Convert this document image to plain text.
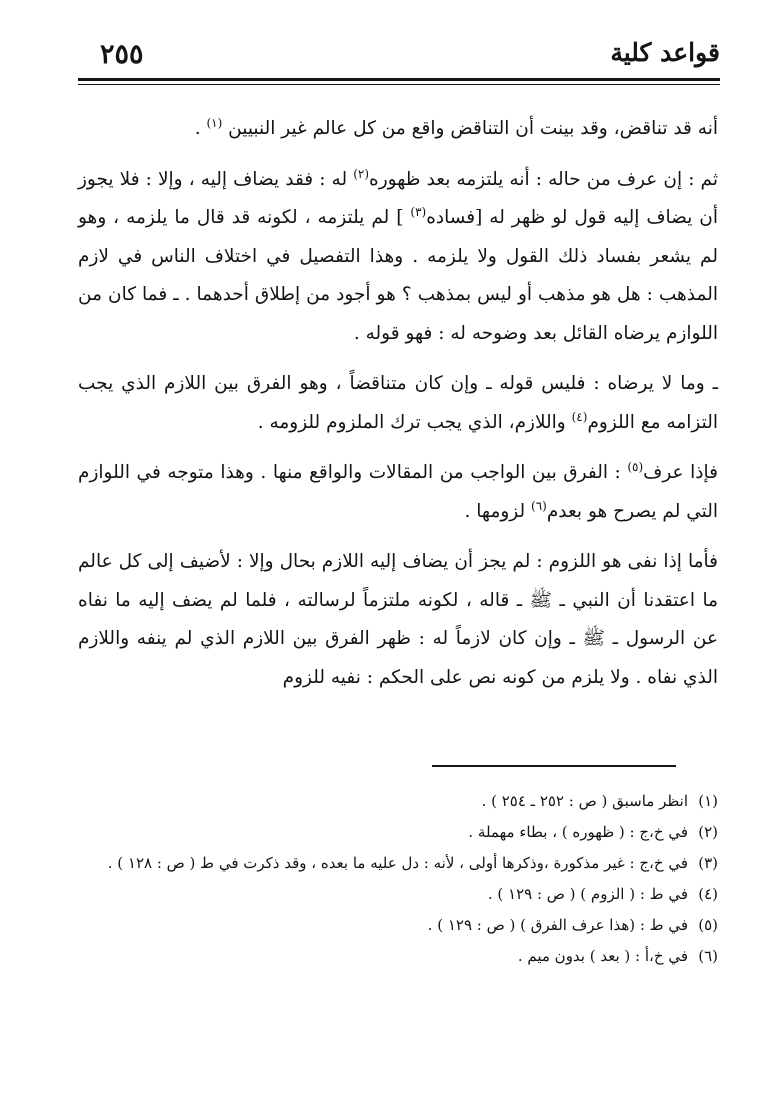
قواعد كلية
٢٥٥

أنه قد تناقض، وقد بينت أن التناقض واقع من كل عالم غير النبيين $^{(١)}$ .

ثم : إن عرف من حاله : أنه يلتزمه بعد ظهوره$^{(٢)}$ له : فقد يضاف إليه ، وإلا : فلا يجوز أن يضاف إليه قول لو ظهر له [فساده$^{(٣)}$ ] لم يلتزمه ، لكونه قد قال ما يلزمه ، وهو لم يشعر بفساد ذلك القول ولا يلزمه . وهذا التفصيل في اختلاف الناس في لازم المذهب : هل هو مذهب أو ليس بمذهب ؟ هو أجود من إطلاق أحدهما . ـ فما كان من اللوازم يرضاه القائل بعد وضوحه له : فهو قوله .

ـ وما لا يرضاه : فليس قوله ـ وإن كان متناقضاً ، وهو الفرق بين اللازم الذي يجب التزامه مع اللزوم$^{(٤)}$ واللازم، الذي يجب ترك الملزوم للزومه .

فإذا عرف$^{(٥)}$ : الفرق بين الواجب من المقالات والواقع منها . وهذا متوجه في اللوازم التي لم يصرح هو بعدم$^{(٦)}$ لزومها .

فأما إذا نفى هو اللزوم : لم يجز أن يضاف إليه اللازم بحال وإلا : لأضيف إلى كل عالم ما اعتقدنا أن النبي ـ ﷺ ـ قاله ، لكونه ملتزماً لرسالته ، فلما لم يضف إليه ما نفاه عن الرسول ـ ﷺ ـ وإن كان لازماً له : ظهر الفرق بين اللازم الذي لم ينفه واللازم الذي نفاه . ولا يلزم من كونه نص على الحكم : نفيه للزوم

(١)انظر ماسبق ( ص : ٢٥٢ ـ ٢٥٤ ) .

(٢)في خ،ج : ( ظهوره ) ، بطاء مهملة .

(٣)في خ،ج : غير مذكورة ،وذكرها أولى ، لأنه : دل عليه ما بعده ، وقد ذكرت في ط ( ص : ١٢٨ ) .

(٤)في ط : ( الزوم ) ( ص : ١٢٩ ) .

(٥)في ط : (هذا عرف الفرق ) ( ص : ١٢٩ ) .

(٦)في خ،أ : ( بعد ) بدون ميم .
